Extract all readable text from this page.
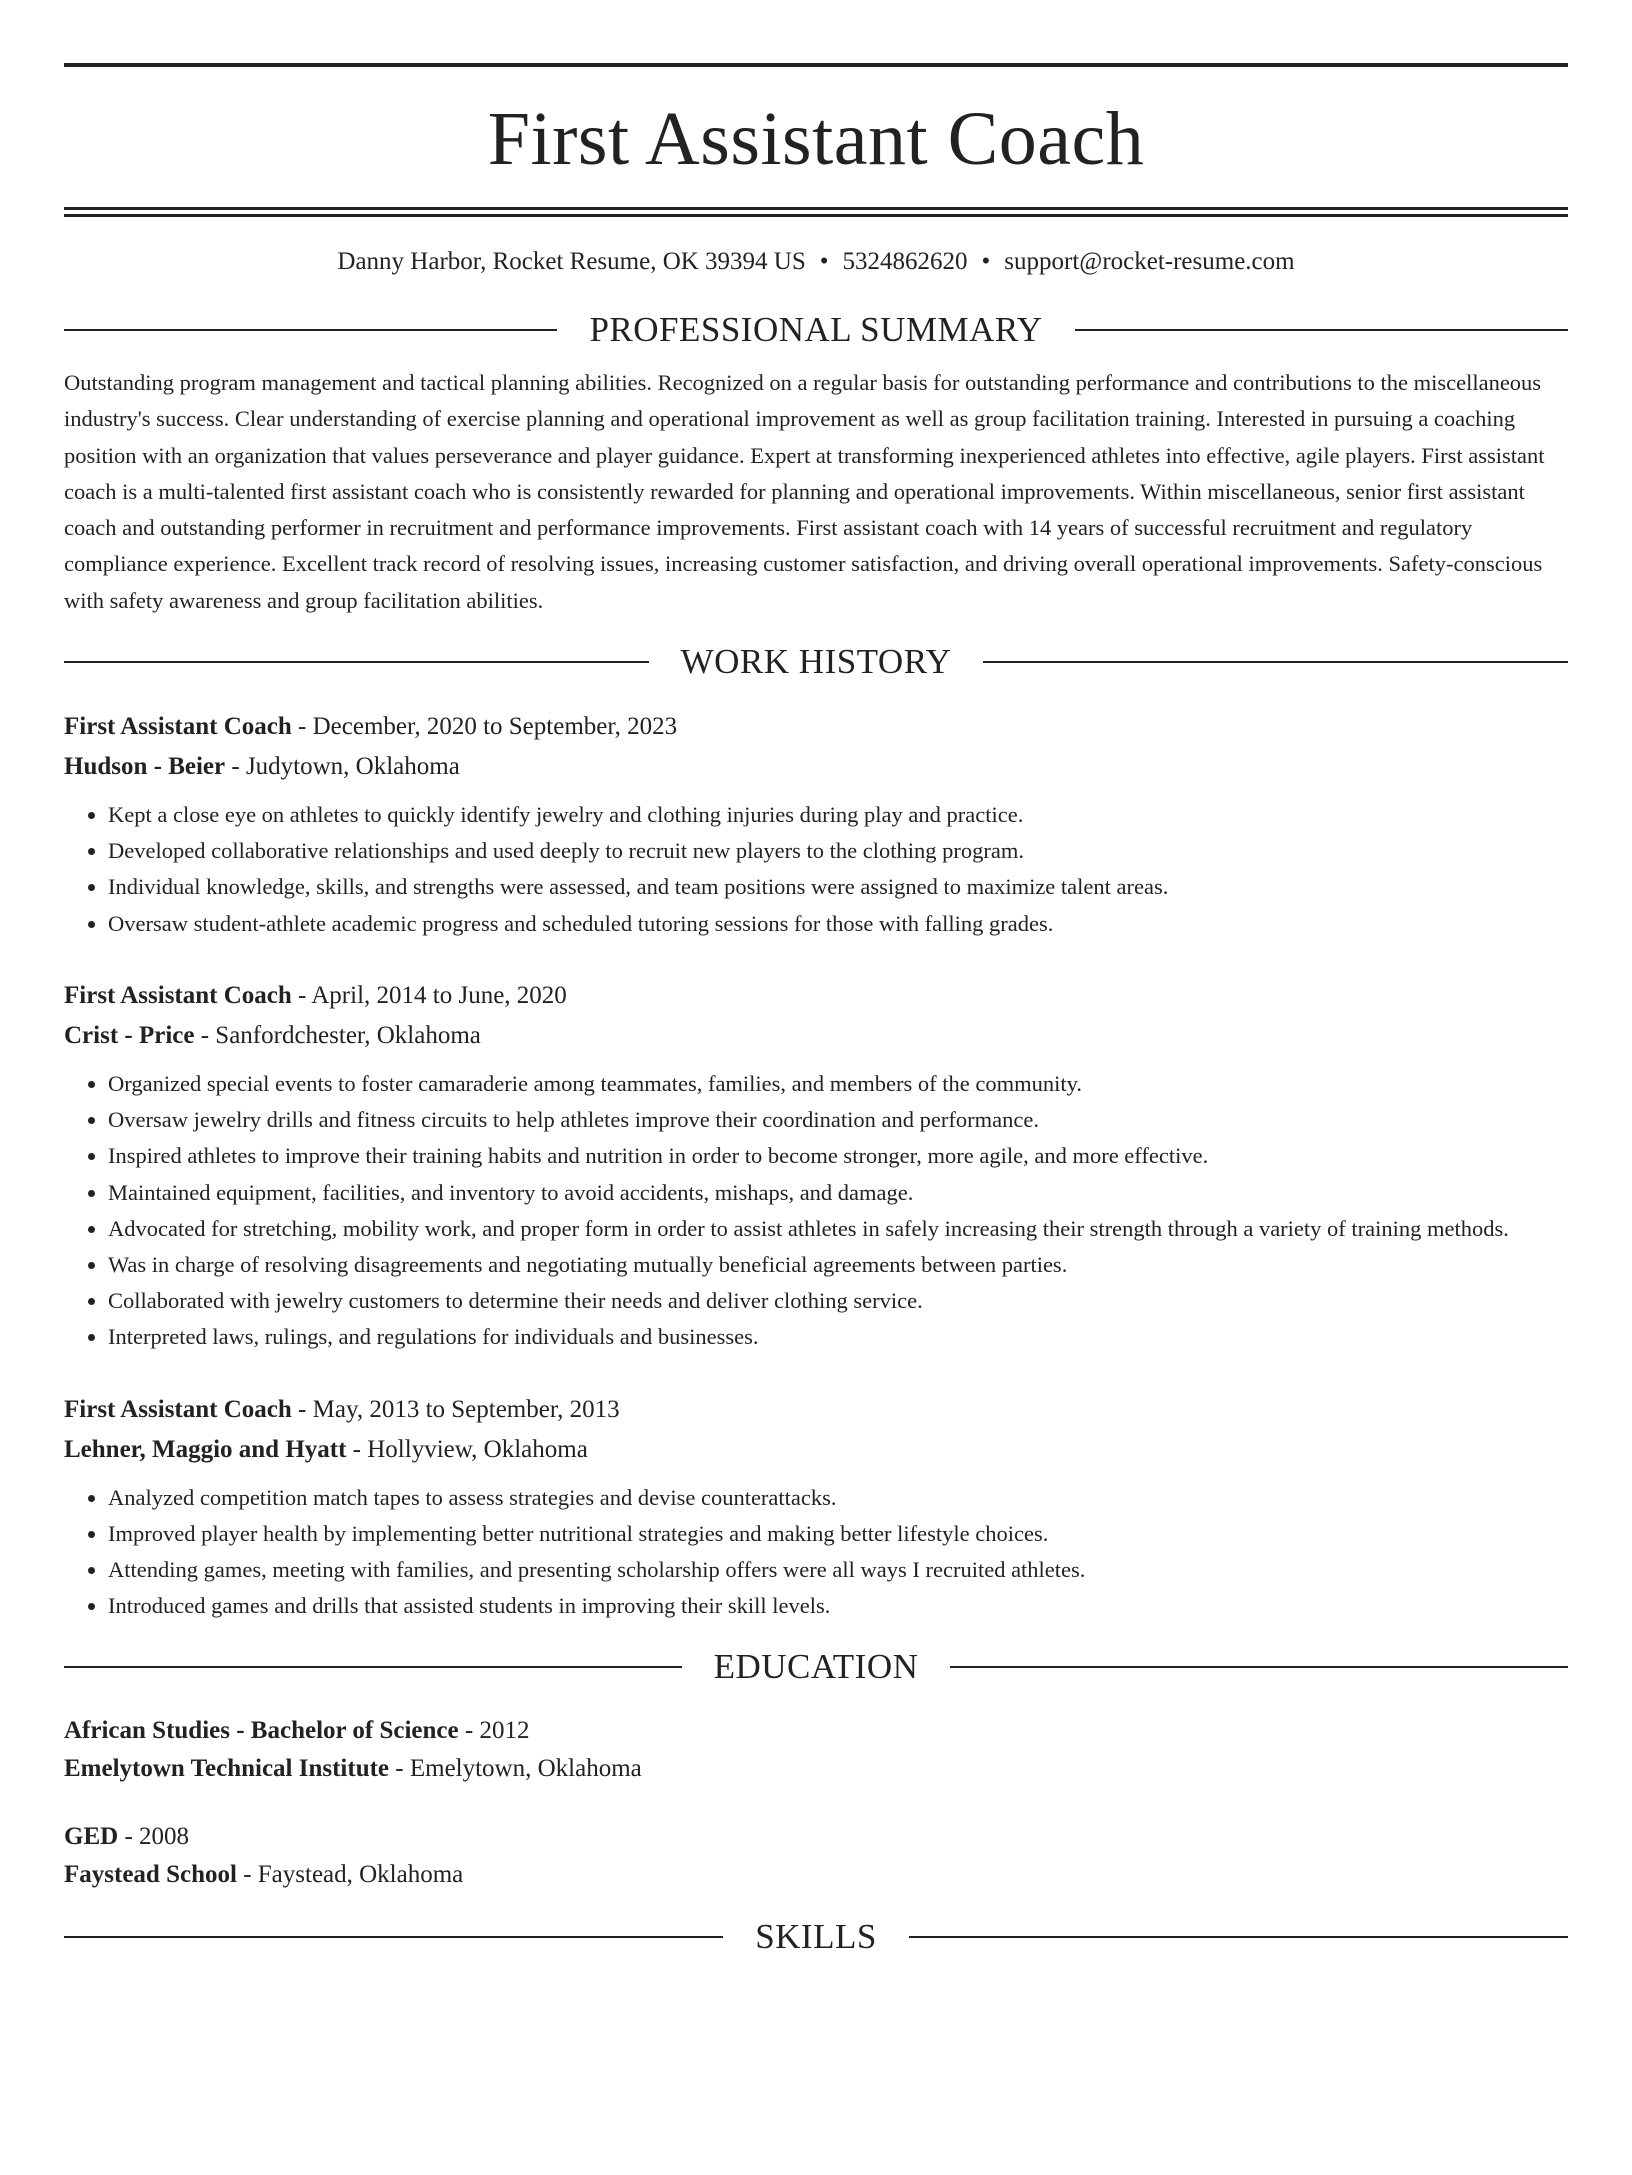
First Assistant Coach
Danny Harbor, Rocket Resume, OK 39394 US • 5324862620 • support@rocket-resume.com
PROFESSIONAL SUMMARY

Outstanding program management and tactical planning abilities. Recognized on a regular basis for outstanding performance and contributions to the miscellaneous industry's success. Clear understanding of exercise planning and operational improvement as well as group facilitation training. Interested in pursuing a coaching position with an organization that values perseverance and player guidance. Expert at transforming inexperienced athletes into effective, agile players. First assistant coach is a multi-talented first assistant coach who is consistently rewarded for planning and operational improvements. Within miscellaneous, senior first assistant coach and outstanding performer in recruitment and performance improvements. First assistant coach with 14 years of successful recruitment and regulatory compliance experience. Excellent track record of resolving issues, increasing customer satisfaction, and driving overall operational improvements. Safety-conscious with safety awareness and group facilitation abilities.

WORK HISTORY
First Assistant Coach - December, 2020 to September, 2023
Hudson - Beier - Judytown, Oklahoma
• Kept a close eye on athletes to quickly identify jewelry and clothing injuries during play and practice.
• Developed collaborative relationships and used deeply to recruit new players to the clothing program.
• Individual knowledge, skills, and strengths were assessed, and team positions were assigned to maximize talent areas.
• Oversaw student-athlete academic progress and scheduled tutoring sessions for those with falling grades.
First Assistant Coach - April, 2014 to June, 2020
Crist - Price - Sanfordchester, Oklahoma
• Organized special events to foster camaraderie among teammates, families, and members of the community.
• Oversaw jewelry drills and fitness circuits to help athletes improve their coordination and performance.
• Inspired athletes to improve their training habits and nutrition in order to become stronger, more agile, and more effective.
• Maintained equipment, facilities, and inventory to avoid accidents, mishaps, and damage.
• Advocated for stretching, mobility work, and proper form in order to assist athletes in safely increasing their strength through a variety of training methods.
• Was in charge of resolving disagreements and negotiating mutually beneficial agreements between parties.
• Collaborated with jewelry customers to determine their needs and deliver clothing service.
• Interpreted laws, rulings, and regulations for individuals and businesses.
First Assistant Coach - May, 2013 to September, 2013
Lehner, Maggio and Hyatt - Hollyview, Oklahoma
• Analyzed competition match tapes to assess strategies and devise counterattacks.
• Improved player health by implementing better nutritional strategies and making better lifestyle choices.
• Attending games, meeting with families, and presenting scholarship offers were all ways I recruited athletes.
• Introduced games and drills that assisted students in improving their skill levels.
EDUCATION
African Studies - Bachelor of Science - 2012
Emelytown Technical Institute - Emelytown, Oklahoma
GED - 2008
Faystead School - Faystead, Oklahoma
SKILLS
